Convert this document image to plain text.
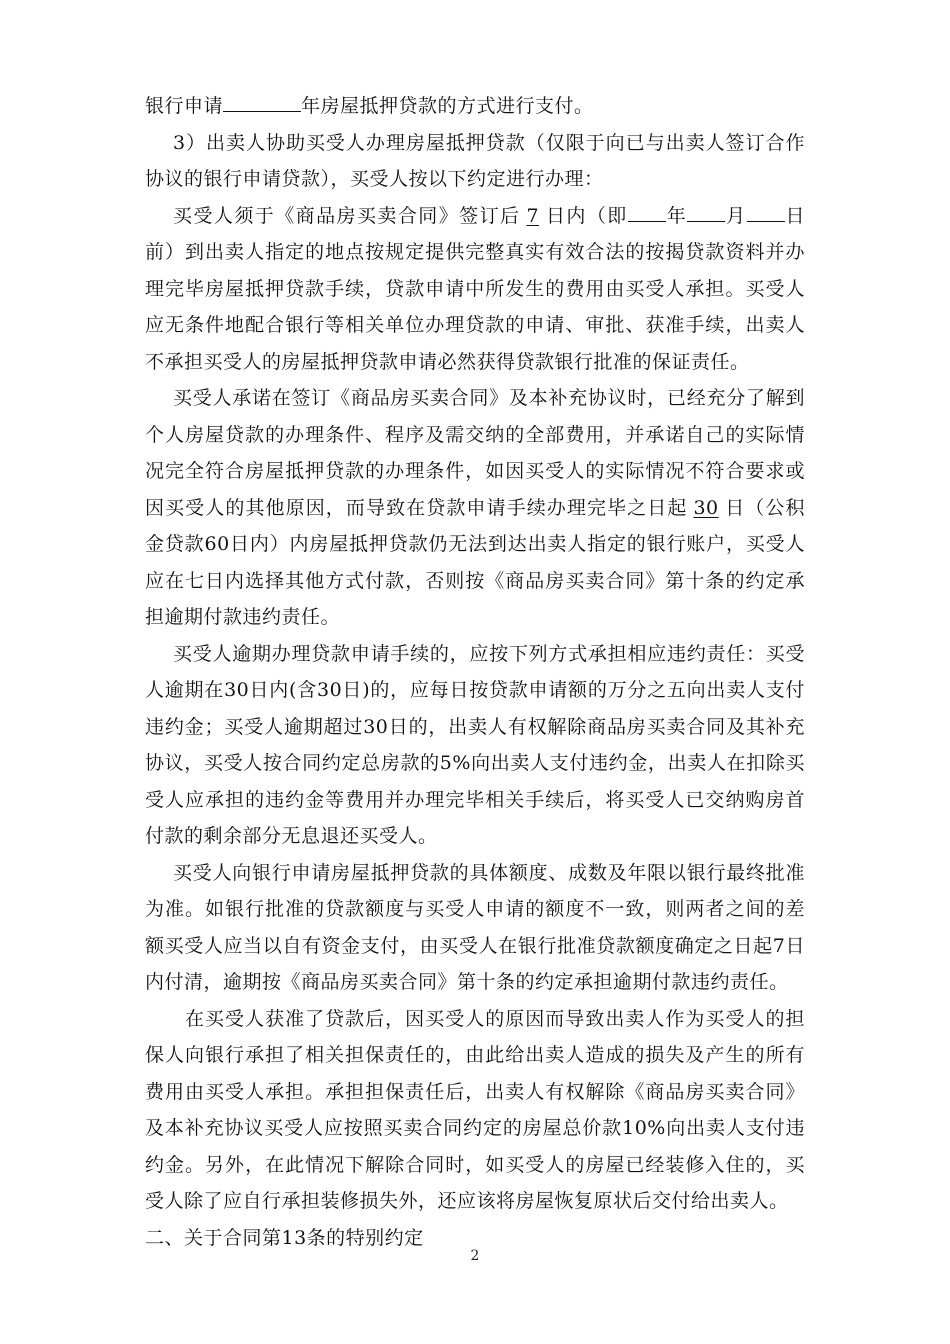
银行申请	年房屋抵押贷款的方式进行支付。

3）出卖人协助买受人办理房屋抵押贷款（仅限于向已与出卖人签订合作协议的银行申请贷款），买受人按以下约定进行办理：

买受人须于《商品房买卖合同》签订后 7 日内（即 年 月 日前）到出卖人指定的地点按规定提供完整真实有效合法的按揭贷款资料并办理完毕房屋抵押贷款手续，贷款申请中所发生的费用由买受人承担。买受人应无条件地配合银行等相关单位办理贷款的申请、审批、获准手续，出卖人不承担买受人的房屋抵押贷款申请必然获得贷款银行批准的保证责任。

买受人承诺在签订《商品房买卖合同》及本补充协议时，已经充分了解到个人房屋贷款的办理条件、程序及需交纳的全部费用，并承诺自己的实际情况完全符合房屋抵押贷款的办理条件，如因买受人的实际情况不符合要求或因买受人的其他原因，而导致在贷款申请手续办理完毕之日起 30 日（公积金贷款60日内）内房屋抵押贷款仍无法到达出卖人指定的银行账户，买受人应在七日内选择其他方式付款，否则按《商品房买卖合同》第十条的约定承担逾期付款违约责任。

买受人逾期办理贷款申请手续的，应按下列方式承担相应违约责任：买受人逾期在30日内(含30日)的，应每日按贷款申请额的万分之五向出卖人支付违约金；买受人逾期超过30日的，出卖人有权解除商品房买卖合同及其补充协议，买受人按合同约定总房款的5%向出卖人支付违约金，出卖人在扣除买受人应承担的违约金等费用并办理完毕相关手续后，将买受人已交纳购房首付款的剩余部分无息退还买受人。

买受人向银行申请房屋抵押贷款的具体额度、成数及年限以银行最终批准为准。如银行批准的贷款额度与买受人申请的额度不一致，则两者之间的差额买受人应当以自有资金支付，由买受人在银行批准贷款额度确定之日起7日内付清，逾期按《商品房买卖合同》第十条的约定承担逾期付款违约责任。

在买受人获准了贷款后，因买受人的原因而导致出卖人作为买受人的担保人向银行承担了相关担保责任的，由此给出卖人造成的损失及产生的所有费用由买受人承担。承担担保责任后，出卖人有权解除《商品房买卖合同》及本补充协议买受人应按照买卖合同约定的房屋总价款10%向出卖人支付违约金。另外，在此情况下解除合同时，如买受人的房屋已经装修入住的，买受人除了应自行承担装修损失外，还应该将房屋恢复原状后交付给出卖人。

二、关于合同第13条的特别约定

2
